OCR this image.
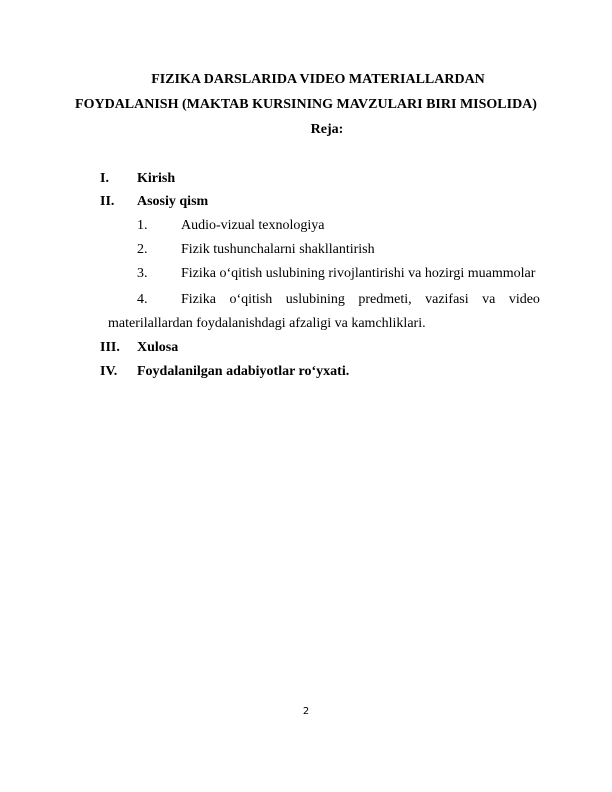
FIZIKA DARSLARIDA VIDEO MATERIALLARDAN
FOYDALANISH (MAKTAB KURSINING MAVZULARI BIRI MISOLIDA)
Reja:
I. Kirish
II. Asosiy qism
1. Audio-vizual texnologiya
2. Fizik tushunchalarni shakllantirish
3. Fizika o‘qitish uslubining rivojlantirishi va hozirgi muammolar
4. Fizika o‘qitish uslubining predmeti, vazifasi va video
materilallardan foydalanishdagi afzaligi va kamchliklari.
III. Xulosa
IV. Foydalanilgan adabiyotlar ro‘yxati.
2
